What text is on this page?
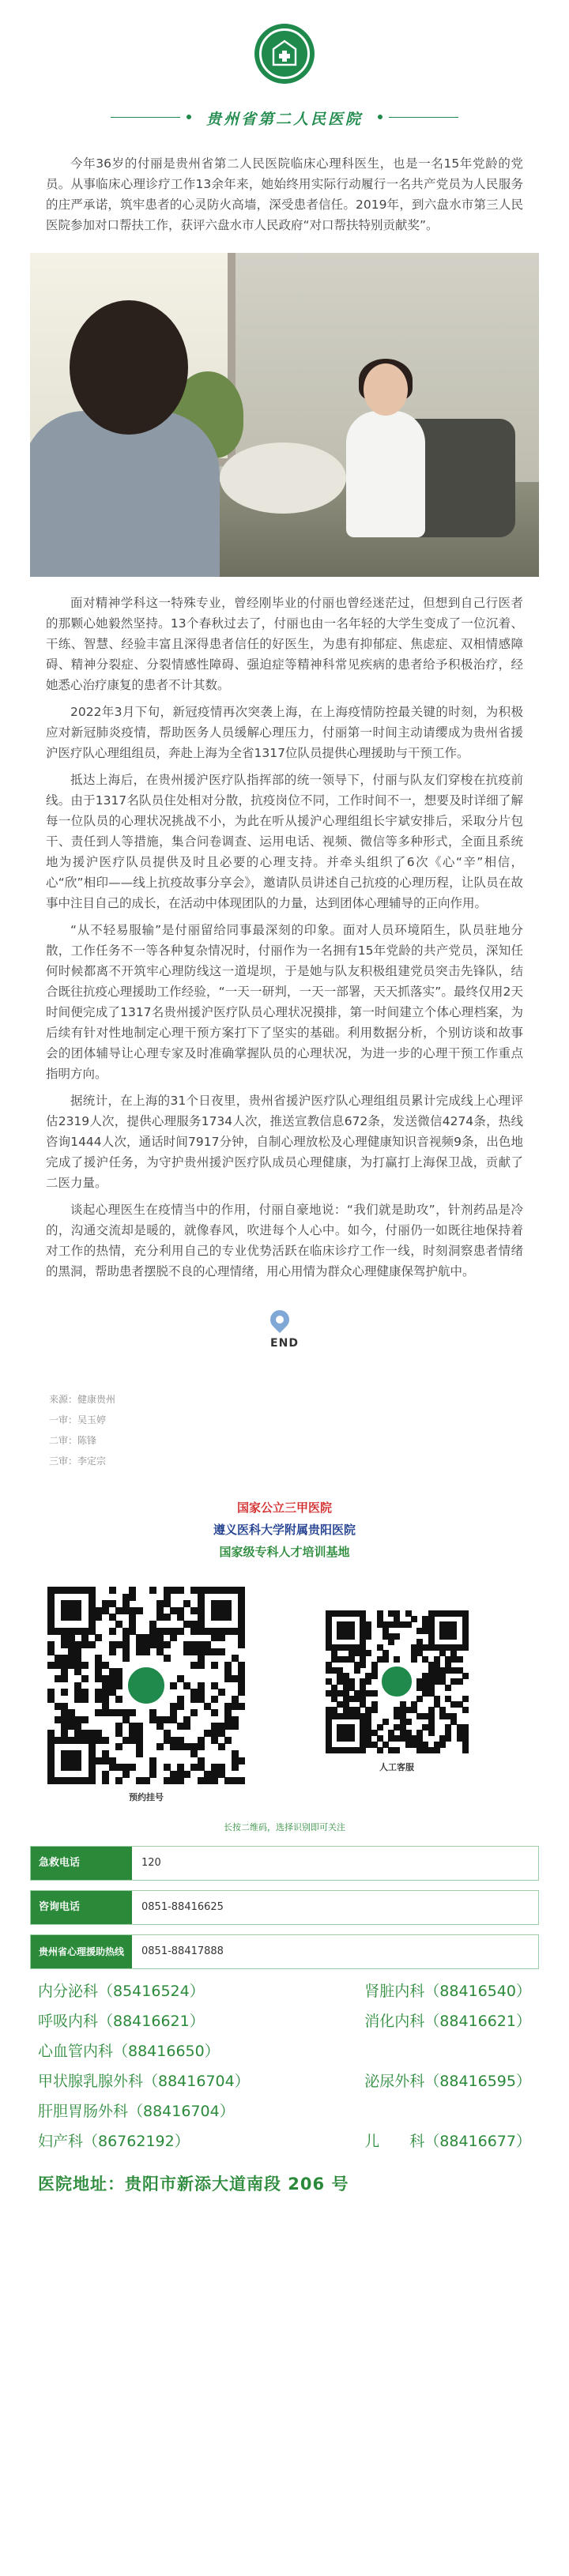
贵州省第二人民医院

今年36岁的付丽是贵州省第二人民医院临床心理科医生，也是一名15年党龄的党员。从事临床心理诊疗工作13余年来，她始终用实际行动履行一名共产党员为人民服务的庄严承诺，筑牢患者的心灵防火高墙，深受患者信任。2019年，到六盘水市第三人民医院参加对口帮扶工作，获评六盘水市人民政府“对口帮扶特别贡献奖”。

面对精神学科这一特殊专业，曾经刚毕业的付丽也曾经迷茫过，但想到自己行医者的那颗心她毅然坚持。13个春秋过去了，付丽也由一名年轻的大学生变成了一位沉着、干练、智慧、经验丰富且深得患者信任的好医生，为患有抑郁症、焦虑症、双相情感障碍、精神分裂症、分裂情感性障碍、强迫症等精神科常见疾病的患者给予积极治疗，经她悉心治疗康复的患者不计其数。

2022年3月下旬，新冠疫情再次突袭上海，在上海疫情防控最关键的时刻，为积极应对新冠肺炎疫情，帮助医务人员缓解心理压力，付丽第一时间主动请缨成为贵州省援沪医疗队心理组组员，奔赴上海为全省1317位队员提供心理援助与干预工作。

抵达上海后，在贵州援沪医疗队指挥部的统一领导下，付丽与队友们穿梭在抗疫前线。由于1317名队员住处相对分散，抗疫岗位不同，工作时间不一，想要及时详细了解每一位队员的心理状况挑战不小，为此在听从援沪心理组组长宇斌安排后，采取分片包干、责任到人等措施，集合问卷调查、运用电话、视频、微信等多种形式，全面且系统地为援沪医疗队员提供及时且必要的心理支持。并牵头组织了6次《心“辛”相信，心“欣”相印——线上抗疫故事分享会》，邀请队员讲述自己抗疫的心理历程，让队员在故事中注目自己的成长，在活动中体现团队的力量，达到团体心理辅导的正向作用。

“从不轻易服输”是付丽留给同事最深刻的印象。面对人员环境陌生，队员驻地分散，工作任务不一等各种复杂情况时，付丽作为一名拥有15年党龄的共产党员，深知任何时候都离不开筑牢心理防线这一道堤坝，于是她与队友积极组建党员突击先锋队，结合既往抗疫心理援助工作经验，“一天一研判，一天一部署，天天抓落实”。最终仅用2天时间便完成了1317名贵州援沪医疗队员心理状况摸排，第一时间建立个体心理档案，为后续有针对性地制定心理干预方案打下了坚实的基础。利用数据分析，个别访谈和故事会的团体辅导让心理专家及时准确掌握队员的心理状况，为进一步的心理干预工作重点指明方向。

据统计，在上海的31个日夜里，贵州省援沪医疗队心理组组员累计完成线上心理评估2319人次，提供心理服务1734人次，推送宣教信息672条，发送微信4274条，热线咨询1444人次，通话时间7917分钟，自制心理放松及心理健康知识音视频9条，出色地完成了援沪任务，为守护贵州援沪医疗队成员心理健康，为打赢打上海保卫战，贡献了二医力量。

谈起心理医生在疫情当中的作用，付丽自豪地说：“我们就是助攻”，针剂药品是冷的，沟通交流却是暖的，就像春风，吹进每个人心中。如今，付丽仍一如既往地保持着对工作的热情，充分利用自己的专业优势活跃在临床诊疗工作一线，时刻洞察患者情绪的黑洞，帮助患者摆脱不良的心理情绪，用心用情为群众心理健康保驾护航中。

END
来源：健康贵州
一审：吴玉婷
二审：陈锋
三审：李定宗
国家公立三甲医院
遵义医科大学附属贵阳医院
国家级专科人才培训基地
预约挂号
人工客服
长按二维码，选择识别即可关注
急救电话	120
咨询电话	0851-88416625
贵州省心理援助热线	0851-88417888
内分泌科（85416524）	肾脏内科（88416540）
呼吸内科（88416621）	消化内科（88416621）
心血管内科（88416650）
甲状腺乳腺外科（88416704）	泌尿外科（88416595）
肝胆胃肠外科（88416704）
妇产科（86762192）	儿　　科（88416677）
医院地址：贵阳市新添大道南段 206 号
